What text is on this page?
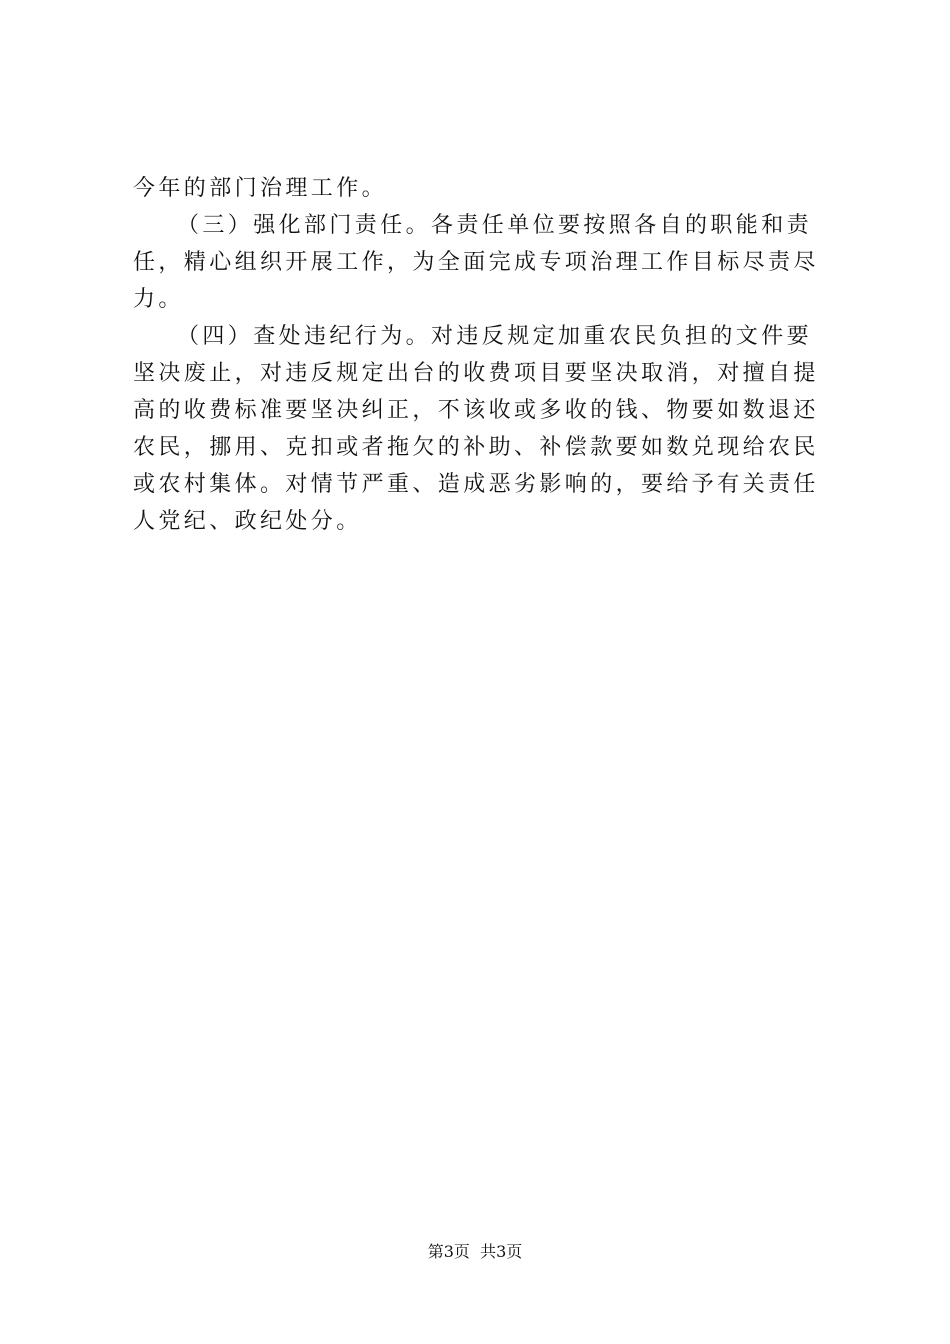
今年的部门治理工作。
（三）强化部门责任。各责任单位要按照各自的职能和责
任，精心组织开展工作，为全面完成专项治理工作目标尽责尽
力。
（四）查处违纪行为。对违反规定加重农民负担的文件要
坚决废止，对违反规定出台的收费项目要坚决取消，对擅自提
高的收费标准要坚决纠正，不该收或多收的钱、物要如数退还
农民，挪用、克扣或者拖欠的补助、补偿款要如数兑现给农民
或农村集体。对情节严重、造成恶劣影响的，要给予有关责任
人党纪、政纪处分。
第3页  共3页
